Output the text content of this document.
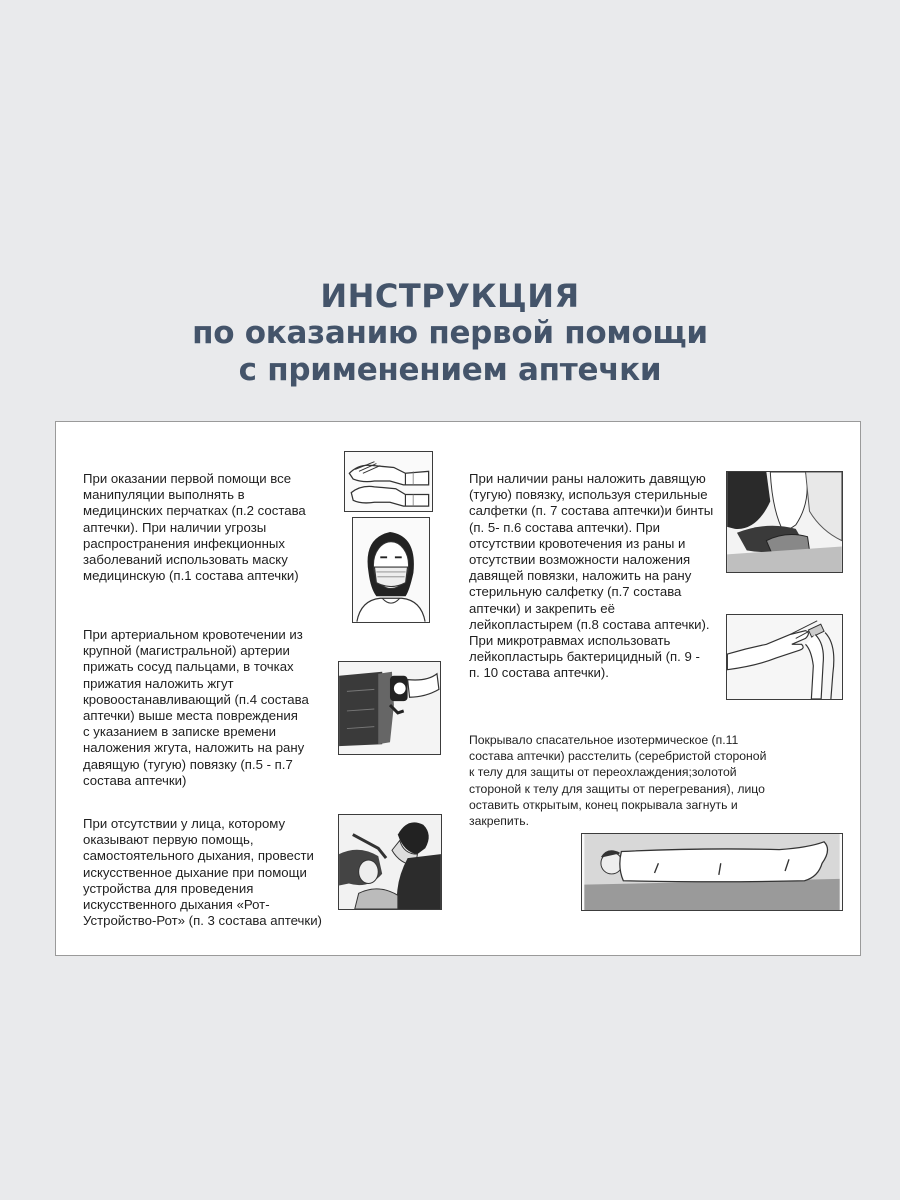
ИНСТРУКЦИЯ
по оказанию первой помощи
с применением аптечки
При оказании первой помощи все
манипуляции выполнять в
медицинских перчатках (п.2 состава
аптечки). При наличии угрозы
распространения инфекционных
заболеваний использовать маску
медицинскую (п.1 состава аптечки)
При артериальном кровотечении из
крупной (магистральной) артерии
прижать сосуд пальцами, в точках
прижатия наложить жгут
кровоостанавливающий (п.4 состава
аптечки) выше места повреждения
с указанием в записке времени
наложения жгута, наложить на рану
давящую (тугую) повязку (п.5 - п.7
состава аптечки)
При отсутствии у лица, которому
оказывают первую помощь,
самостоятельного дыхания, провести
искусственное дыхание при помощи
устройства для проведения
искусственного дыхания «Рот-
Устройство-Рот» (п. 3 состава аптечки)
При наличии раны наложить давящую
(тугую) повязку, используя стерильные
салфетки (п. 7 состава аптечки)и бинты
(п. 5- п.6 состава аптечки). При
отсутствии кровотечения из раны и
отсутствии возможности наложения
давящей повязки, наложить на рану
стерильную салфетку (п.7 состава
аптечки) и закрепить её
лейкопластырем (п.8 состава аптечки).
При микротравмах использовать
лейкопластырь бактерицидный (п. 9 -
п. 10 состава аптечки).
Покрывало спасательное изотермическое (п.11
состава аптечки) расстелить (серебристой стороной
к телу для защиты от переохлаждения;золотой
стороной к телу для защиты от перегревания), лицо
оставить открытым, конец покрывала загнуть и
закрепить.
